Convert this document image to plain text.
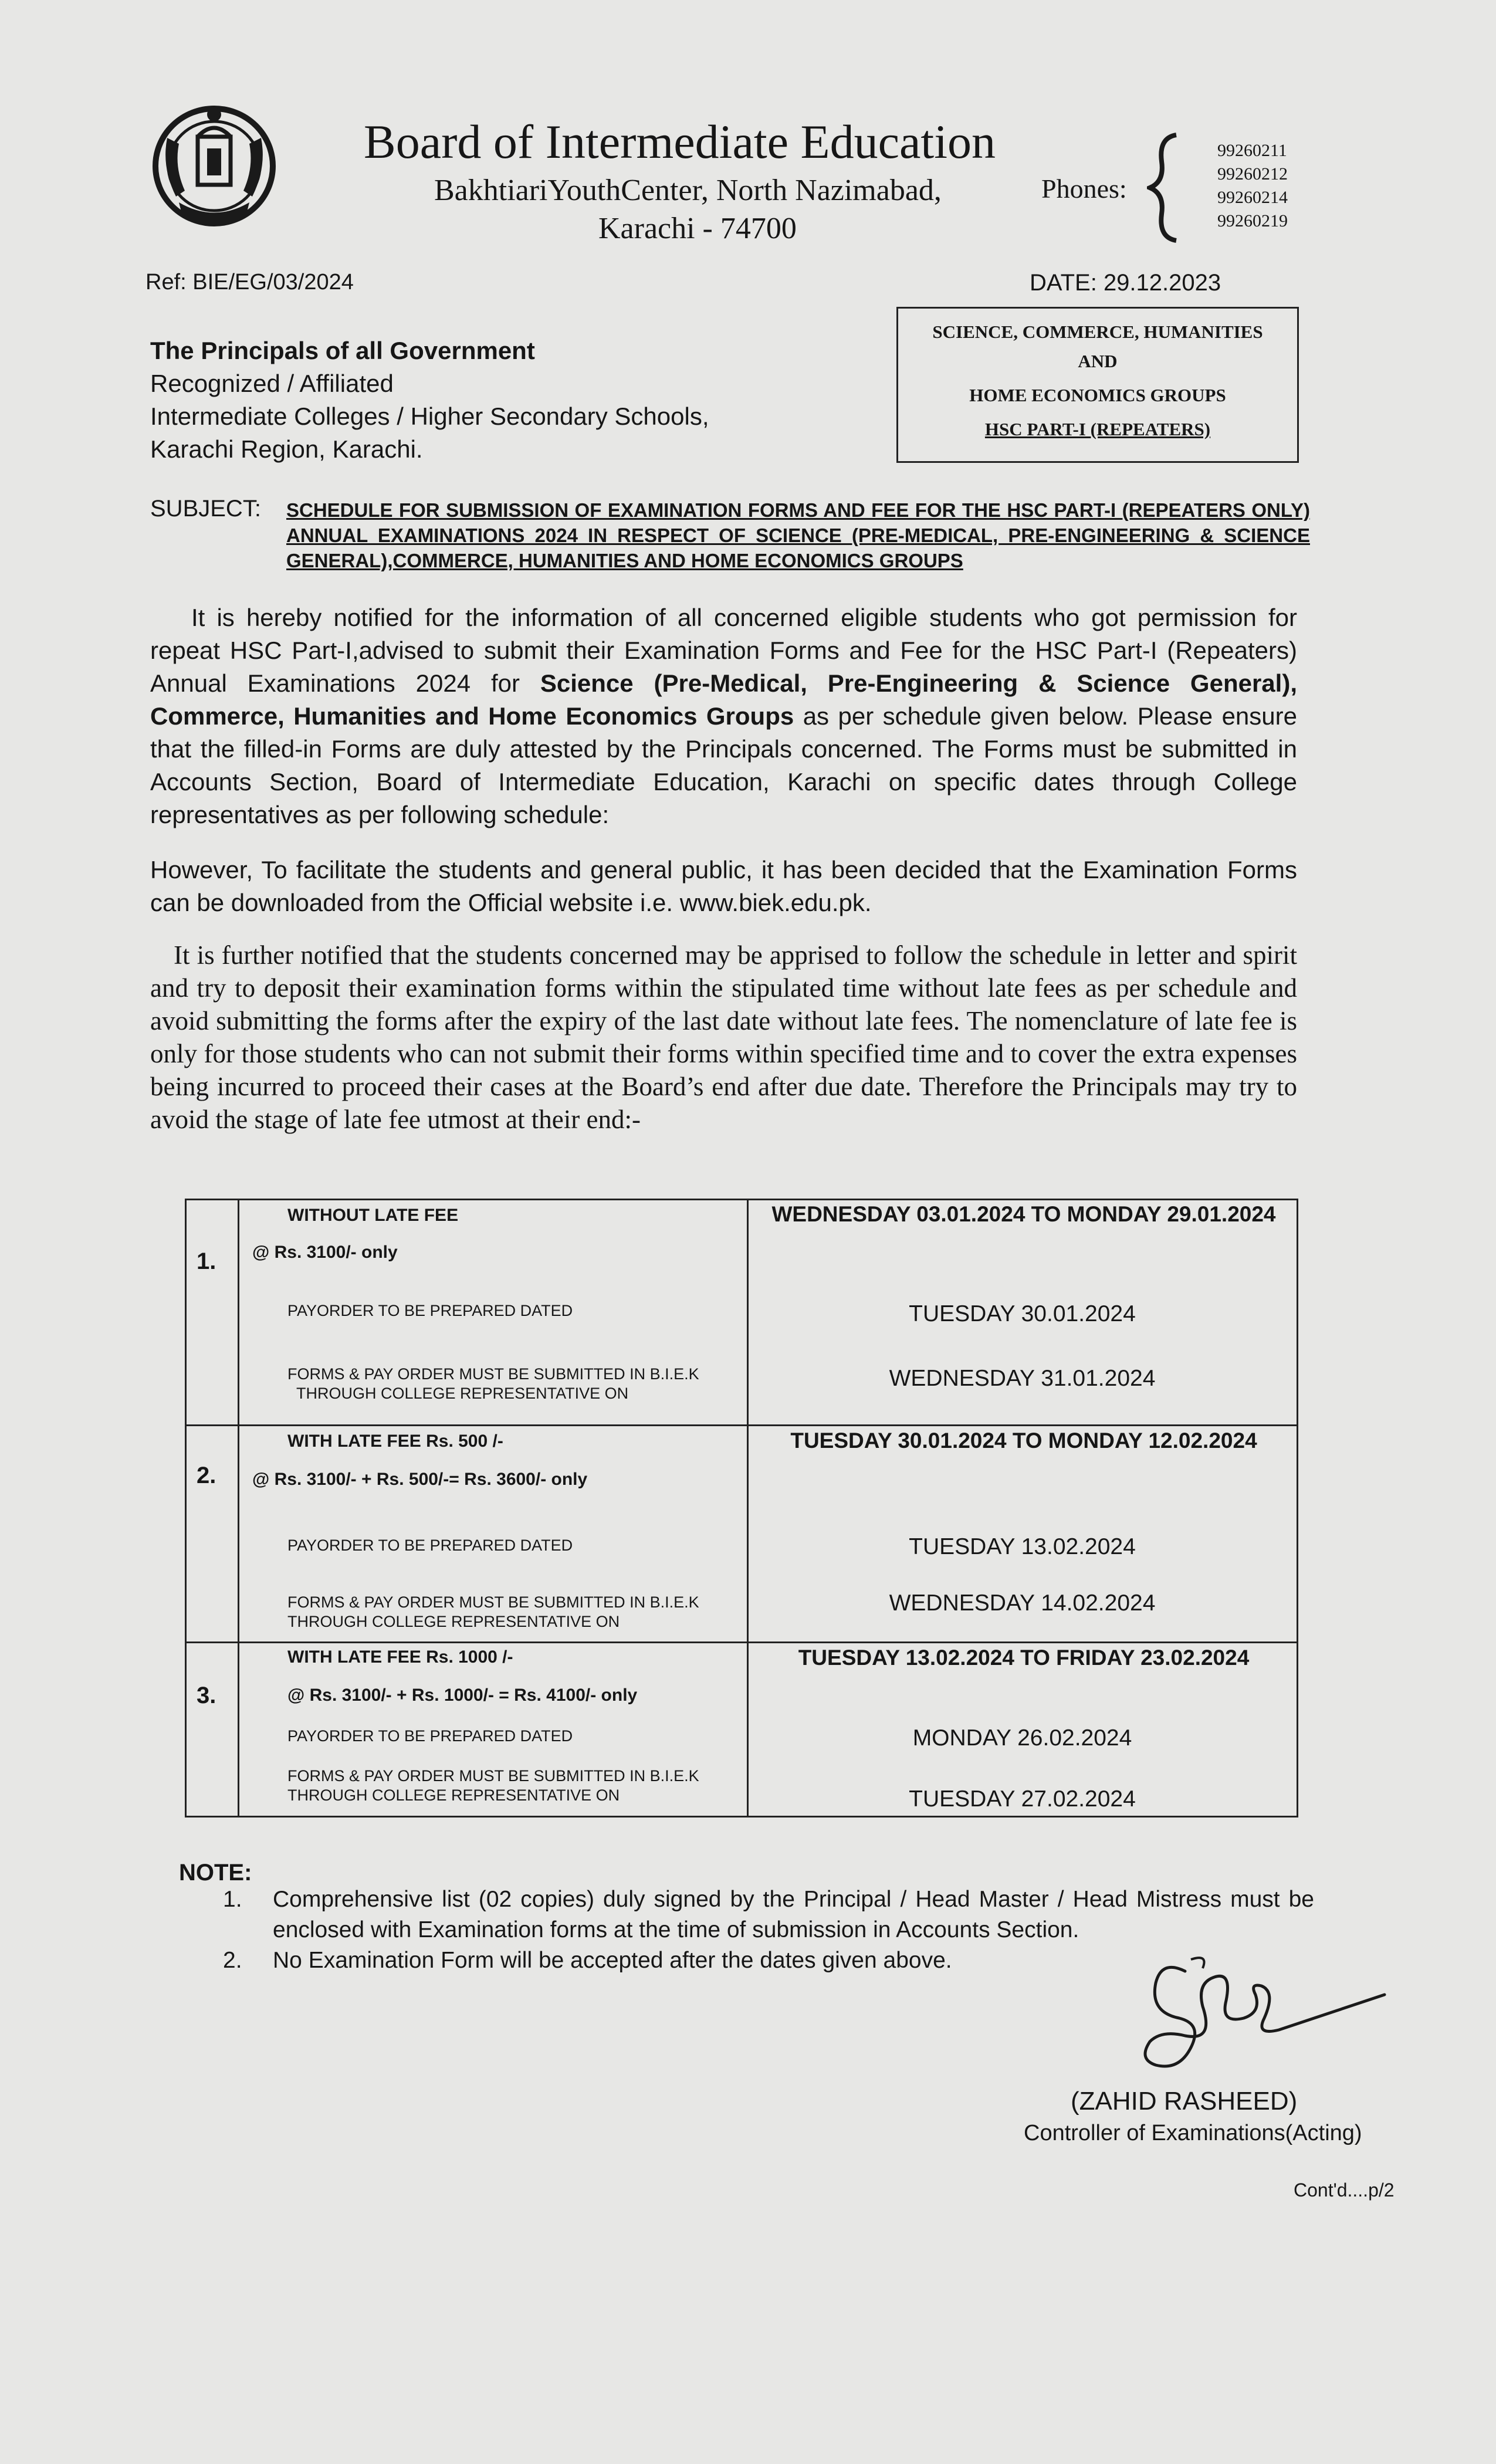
Board of Intermediate Education
BakhtiariYouthCenter, North Nazimabad,
Karachi - 74700
Phones:
99260211
99260212
99260214
99260219
Ref: BIE/EG/03/2024	DATE: 29.12.2023
SCIENCE, COMMERCE, HUMANITIES
AND
HOME ECONOMICS GROUPS
HSC PART-I (REPEATERS)
The Principals of all Government
Recognized / Affiliated
Intermediate Colleges / Higher Secondary Schools,
Karachi Region, Karachi.
SUBJECT: SCHEDULE FOR SUBMISSION OF EXAMINATION FORMS AND FEE FOR THE HSC PART-I (REPEATERS ONLY) ANNUAL EXAMINATIONS 2024 IN RESPECT OF SCIENCE (PRE-MEDICAL, PRE-ENGINEERING & SCIENCE GENERAL),COMMERCE, HUMANITIES AND HOME ECONOMICS GROUPS
It is hereby notified for the information of all concerned eligible students who got permission for repeat HSC Part-I,advised to submit their Examination Forms and Fee for the HSC Part-I (Repeaters) Annual Examinations 2024 for Science (Pre-Medical, Pre-Engineering & Science General), Commerce, Humanities and Home Economics Groups as per schedule given below. Please ensure that the filled-in Forms are duly attested by the Principals concerned. The Forms must be submitted in Accounts Section, Board of Intermediate Education, Karachi on specific dates through College representatives as per following schedule:
However, To facilitate the students and general public, it has been decided that the Examination Forms can be downloaded from the Official website i.e. www.biek.edu.pk.
It is further notified that the students concerned may be apprised to follow the schedule in letter and spirit and try to deposit their examination forms within the stipulated time without late fees as per schedule and avoid submitting the forms after the expiry of the last date without late fees. The nomenclature of late fee is only for those students who can not submit their forms within specified time and to cover the extra expenses being incurred to proceed their cases at the Board’s end after due date. Therefore the Principals may try to avoid the stage of late fee utmost at their end:-
1.
WITHOUT LATE FEE
@ Rs. 3100/- only
WEDNESDAY 03.01.2024 TO MONDAY 29.01.2024
PAYORDER TO BE PREPARED DATED	TUESDAY 30.01.2024
FORMS & PAY ORDER MUST BE SUBMITTED IN B.I.E.K
THROUGH COLLEGE REPRESENTATIVE ON
WEDNESDAY 31.01.2024
2.
WITH LATE FEE Rs. 500 /-
@ Rs. 3100/- + Rs. 500/-= Rs. 3600/- only
TUESDAY 30.01.2024 TO MONDAY 12.02.2024
PAYORDER TO BE PREPARED DATED	TUESDAY 13.02.2024
FORMS & PAY ORDER MUST BE SUBMITTED IN B.I.E.K
THROUGH COLLEGE REPRESENTATIVE ON
WEDNESDAY 14.02.2024
3.
WITH LATE FEE Rs. 1000 /-
@ Rs. 3100/- + Rs. 1000/- = Rs. 4100/- only
TUESDAY 13.02.2024 TO FRIDAY 23.02.2024
PAYORDER TO BE PREPARED DATED	MONDAY 26.02.2024
FORMS & PAY ORDER MUST BE SUBMITTED IN B.I.E.K
THROUGH COLLEGE REPRESENTATIVE ON	TUESDAY 27.02.2024
NOTE:
1. Comprehensive list (02 copies) duly signed by the Principal / Head Master / Head Mistress must be enclosed with Examination forms at the time of submission in Accounts Section.
2. No Examination Form will be accepted after the dates given above.
(ZAHID RASHEED)
Controller of Examinations(Acting)
Cont'd....p/2
